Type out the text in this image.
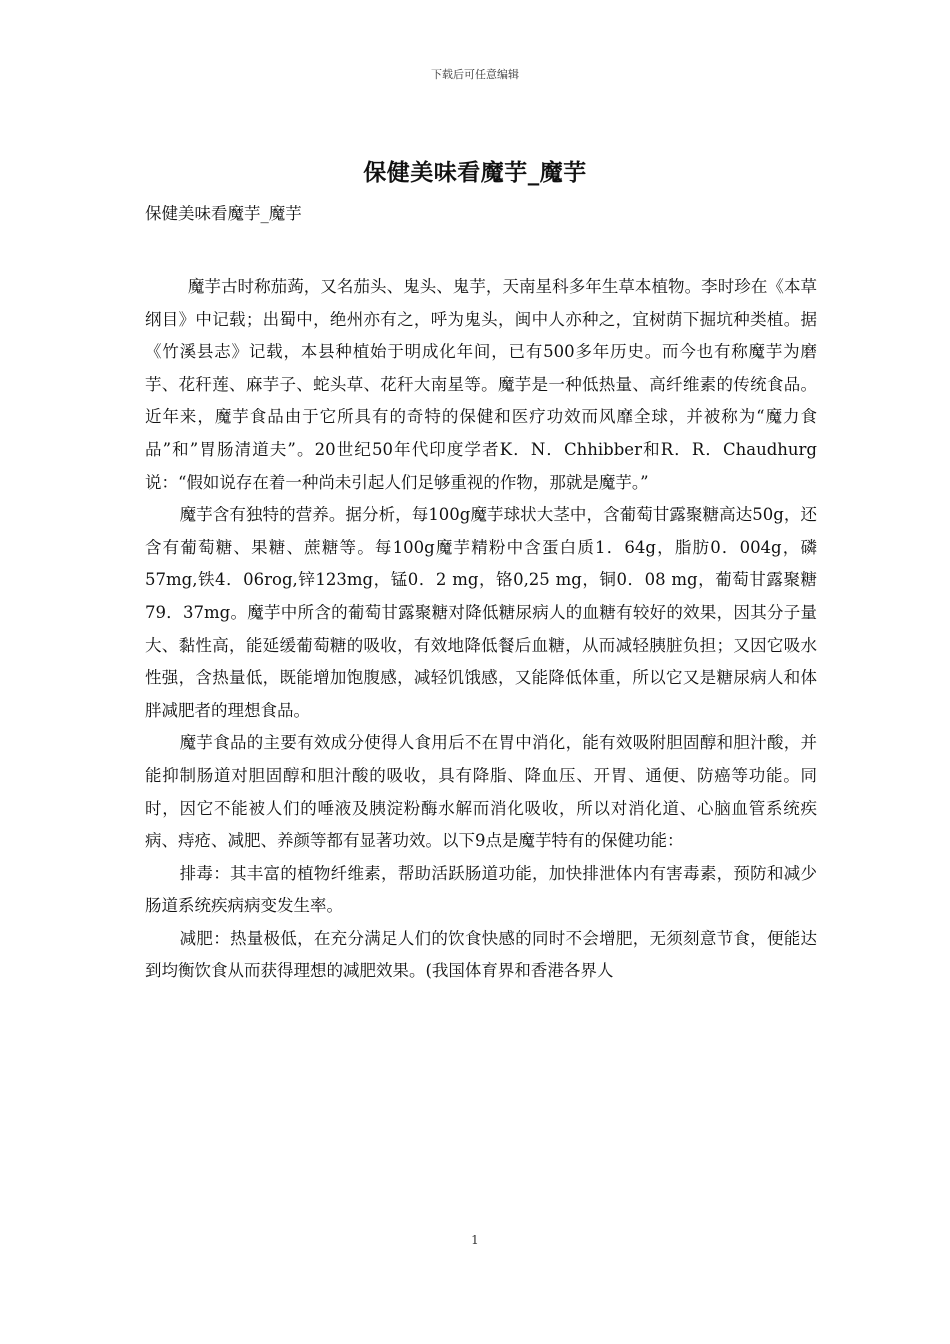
下载后可任意编辑
保健美味看魔芋_魔芋
保健美味看魔芋_魔芋

魔芋古时称茄蒟，又名茄头、鬼头、鬼芋，天南星科多年生草本植物。李时珍在《本草纲目》中记载；出蜀中，绝州亦有之，呼为鬼头，闽中人亦种之，宜树荫下掘坑种类植。据《竹溪县志》记载，本县种植始于明成化年间，已有500多年历史。而今也有称魔芋为磨芋、花秆莲、麻芋子、蛇头草、花秆大南星等。魔芋是一种低热量、高纤维素的传统食品。近年来，魔芋食品由于它所具有的奇特的保健和医疗功效而风靡全球，并被称为“魔力食品”和”胃肠清道夫”。20世纪50年代印度学者K．N．Chhibber和R．R．Chaudhurg说：“假如说存在着一种尚未引起人们足够重视的作物，那就是魔芋。”

魔芋含有独特的营养。据分析，每100g魔芋球状大茎中，含葡萄甘露聚糖高达50g，还含有葡萄糖、果糖、蔗糖等。每100g魔芋精粉中含蛋白质1．64g，脂肪0．004g，磷57mg,铁4．06rog,锌123mg，锰0．2 mg，铬0,25 mg，铜0．08 mg，葡萄甘露聚糖79．37mg。魔芋中所含的葡萄甘露聚糖对降低糖尿病人的血糖有较好的效果，因其分子量大、黏性高，能延缓葡萄糖的吸收，有效地降低餐后血糖，从而减轻胰脏负担；又因它吸水性强，含热量低，既能增加饱腹感，减轻饥饿感，又能降低体重，所以它又是糖尿病人和体胖减肥者的理想食品。

魔芋食品的主要有效成分使得人食用后不在胃中消化，能有效吸附胆固醇和胆汁酸，并能抑制肠道对胆固醇和胆汁酸的吸收，具有降脂、降血压、开胃、通便、防癌等功能。同时，因它不能被人们的唾液及胰淀粉酶水解而消化吸收，所以对消化道、心脑血管系统疾病、痔疮、减肥、养颜等都有显著功效。以下9点是魔芋特有的保健功能：

排毒：其丰富的植物纤维素，帮助活跃肠道功能，加快排泄体内有害毒素，预防和减少肠道系统疾病病变发生率。

减肥：热量极低，在充分满足人们的饮食快感的同时不会增肥，无须刻意节食，便能达到均衡饮食从而获得理想的减肥效果。(我国体育界和香港各界人

1
